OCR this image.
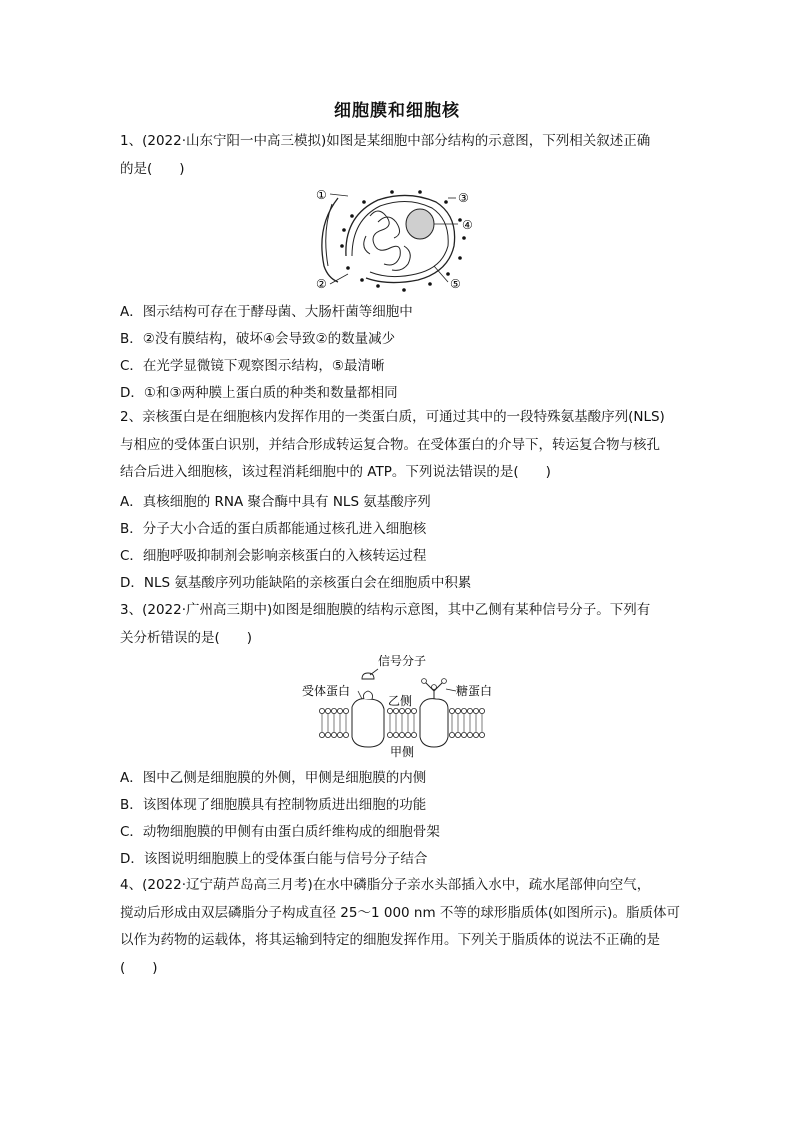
细胞膜和细胞核
1、(2022·山东宁阳一中高三模拟)如图是某细胞中部分结构的示意图，下列相关叙述正确
的是(　　)
①
②
③
④
⑤
A．图示结构可存在于酵母菌、大肠杆菌等细胞中
B．②没有膜结构，破坏④会导致②的数量减少
C．在光学显微镜下观察图示结构，⑤最清晰
D．①和③两种膜上蛋白质的种类和数量都相同
2、亲核蛋白是在细胞核内发挥作用的一类蛋白质，可通过其中的一段特殊氨基酸序列(NLS)
与相应的受体蛋白识别，并结合形成转运复合物。在受体蛋白的介导下，转运复合物与核孔
结合后进入细胞核，该过程消耗细胞中的 ATP。下列说法错误的是(　　)
A．真核细胞的 RNA 聚合酶中具有 NLS 氨基酸序列
B．分子大小合适的蛋白质都能通过核孔进入细胞核
C．细胞呼吸抑制剂会影响亲核蛋白的入核转运过程
D．NLS 氨基酸序列功能缺陷的亲核蛋白会在细胞质中积累
3、(2022·广州高三期中)如图是细胞膜的结构示意图，其中乙侧有某种信号分子。下列有
关分析错误的是(　　)
信号分子
受体蛋白	糖蛋白
乙侧
甲侧
A．图中乙侧是细胞膜的外侧，甲侧是细胞膜的内侧
B．该图体现了细胞膜具有控制物质进出细胞的功能
C．动物细胞膜的甲侧有由蛋白质纤维构成的细胞骨架
D．该图说明细胞膜上的受体蛋白能与信号分子结合
4、(2022·辽宁葫芦岛高三月考)在水中磷脂分子亲水头部插入水中，疏水尾部伸向空气，
搅动后形成由双层磷脂分子构成直径 25～1 000 nm 不等的球形脂质体(如图所示)。脂质体可
以作为药物的运载体，将其运输到特定的细胞发挥作用。下列关于脂质体的说法不正确的是
(　　)
